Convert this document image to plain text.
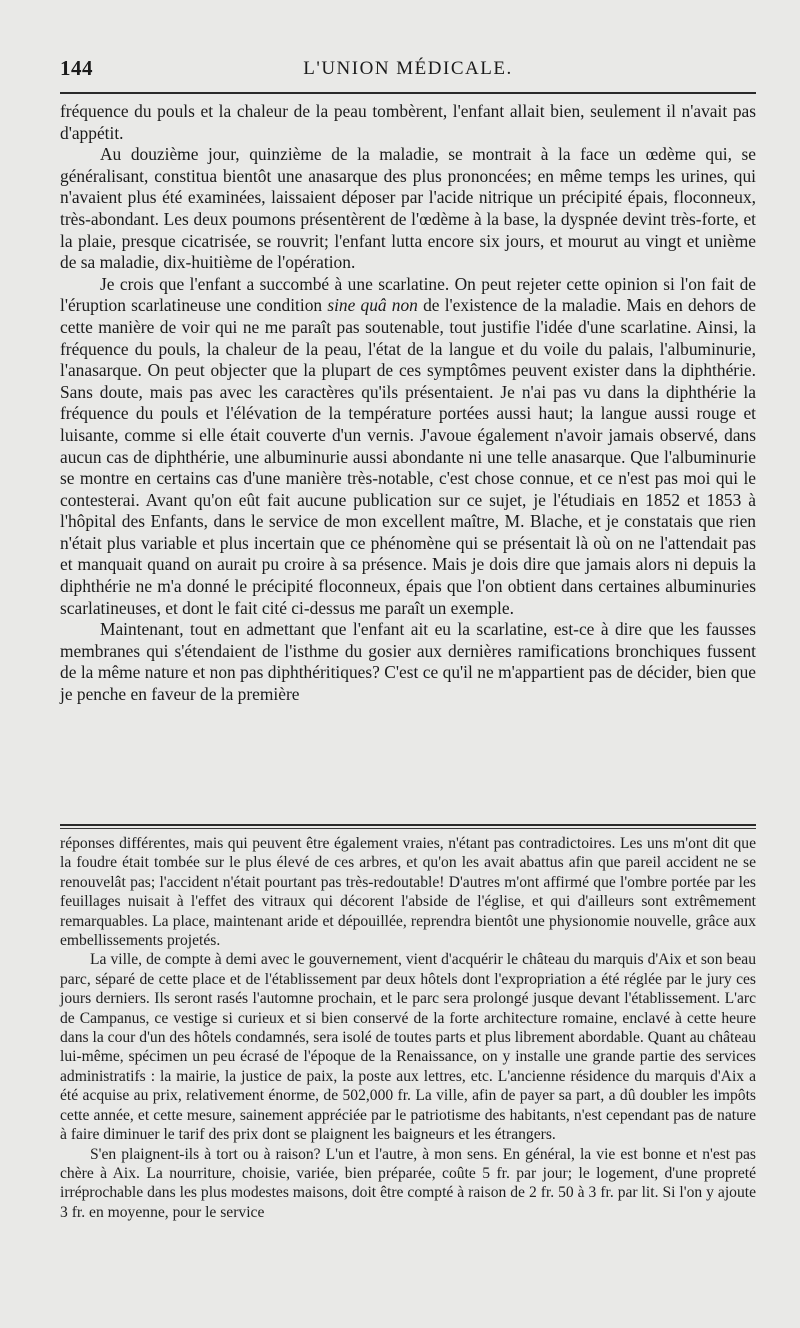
144	L'UNION MÉDICALE.

fréquence du pouls et la chaleur de la peau tombèrent, l'enfant allait bien, seulement il n'avait pas d'appétit.

Au douzième jour, quinzième de la maladie, se montrait à la face un œdème qui, se généralisant, constitua bientôt une anasarque des plus prononcées; en même temps les urines, qui n'avaient plus été examinées, laissaient déposer par l'acide nitrique un précipité épais, floconneux, très-abondant. Les deux poumons présentèrent de l'œdème à la base, la dyspnée devint très-forte, et la plaie, presque cicatrisée, se rouvrit; l'enfant lutta encore six jours, et mourut au vingt et unième de sa maladie, dix-huitième de l'opération.

Je crois que l'enfant a succombé à une scarlatine. On peut rejeter cette opinion si l'on fait de l'éruption scarlatineuse une condition sine quâ non de l'existence de la maladie. Mais en dehors de cette manière de voir qui ne me paraît pas soutenable, tout justifie l'idée d'une scarlatine. Ainsi, la fréquence du pouls, la chaleur de la peau, l'état de la langue et du voile du palais, l'albuminurie, l'anasarque. On peut objecter que la plupart de ces symptômes peuvent exister dans la diphthérie. Sans doute, mais pas avec les caractères qu'ils présentaient. Je n'ai pas vu dans la diphthérie la fréquence du pouls et l'élévation de la température portées aussi haut; la langue aussi rouge et luisante, comme si elle était couverte d'un vernis. J'avoue également n'avoir jamais observé, dans aucun cas de diphthérie, une albuminurie aussi abondante ni une telle anasarque. Que l'albuminurie se montre en certains cas d'une manière très-notable, c'est chose connue, et ce n'est pas moi qui le contesterai. Avant qu'on eût fait aucune publication sur ce sujet, je l'étudiais en 1852 et 1853 à l'hôpital des Enfants, dans le service de mon excellent maître, M. Blache, et je constatais que rien n'était plus variable et plus incertain que ce phénomène qui se présentait là où on ne l'attendait pas et manquait quand on aurait pu croire à sa présence. Mais je dois dire que jamais alors ni depuis la diphthérie ne m'a donné le précipité floconneux, épais que l'on obtient dans certaines albuminuries scarlatineuses, et dont le fait cité ci-dessus me paraît un exemple.

Maintenant, tout en admettant que l'enfant ait eu la scarlatine, est-ce à dire que les fausses membranes qui s'étendaient de l'isthme du gosier aux dernières ramifications bronchiques fussent de la même nature et non pas diphthéritiques? C'est ce qu'il ne m'appartient pas de décider, bien que je penche en faveur de la première

réponses différentes, mais qui peuvent être également vraies, n'étant pas contradictoires. Les uns m'ont dit que la foudre était tombée sur le plus élevé de ces arbres, et qu'on les avait abattus afin que pareil accident ne se renouvelât pas; l'accident n'était pourtant pas très-redoutable! D'autres m'ont affirmé que l'ombre portée par les feuillages nuisait à l'effet des vitraux qui décorent l'abside de l'église, et qui d'ailleurs sont extrêmement remarquables. La place, maintenant aride et dépouillée, reprendra bientôt une physionomie nouvelle, grâce aux embellissements projetés.

La ville, de compte à demi avec le gouvernement, vient d'acquérir le château du marquis d'Aix et son beau parc, séparé de cette place et de l'établissement par deux hôtels dont l'expropriation a été réglée par le jury ces jours derniers. Ils seront rasés l'automne prochain, et le parc sera prolongé jusque devant l'établissement. L'arc de Campanus, ce vestige si curieux et si bien conservé de la forte architecture romaine, enclavé à cette heure dans la cour d'un des hôtels condamnés, sera isolé de toutes parts et plus librement abordable. Quant au château lui-même, spécimen un peu écrasé de l'époque de la Renaissance, on y installe une grande partie des services administratifs : la mairie, la justice de paix, la poste aux lettres, etc. L'ancienne résidence du marquis d'Aix a été acquise au prix, relativement énorme, de 502,000 fr. La ville, afin de payer sa part, a dû doubler les impôts cette année, et cette mesure, sainement appréciée par le patriotisme des habitants, n'est cependant pas de nature à faire diminuer le tarif des prix dont se plaignent les baigneurs et les étrangers.

S'en plaignent-ils à tort ou à raison? L'un et l'autre, à mon sens. En général, la vie est bonne et n'est pas chère à Aix. La nourriture, choisie, variée, bien préparée, coûte 5 fr. par jour; le logement, d'une propreté irréprochable dans les plus modestes maisons, doit être compté à raison de 2 fr. 50 à 3 fr. par lit. Si l'on y ajoute 3 fr. en moyenne, pour le service
